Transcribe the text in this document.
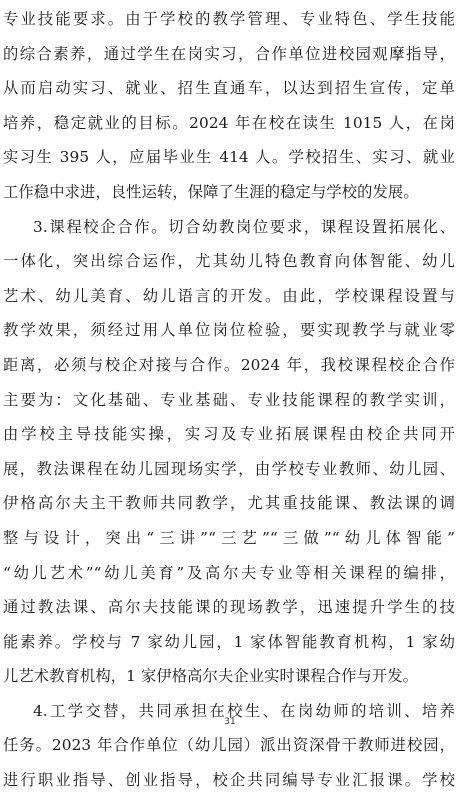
专业技能要求。由于学校的教学管理、专业特色、学生技能
的综合素养，通过学生在岗实习，合作单位进校园观摩指导，
从而启动实习、就业、招生直通车，以达到招生宣传，定单
培养，稳定就业的目标。2024 年在校在读生 1015 人，在岗
实习生 395 人，应届毕业生 414 人。学校招生、实习、就业
工作稳中求进，良性运转，保障了生涯的稳定与学校的发展。
3.课程校企合作。切合幼教岗位要求，课程设置拓展化、
一体化，突出综合运作，尤其幼儿特色教育向体智能、幼儿
艺术、幼儿美育、幼儿语言的开发。由此，学校课程设置与
教学效果，须经过用人单位岗位检验，要实现教学与就业零
距离，必须与校企对接与合作。2024 年，我校课程校企合作
主要为：文化基础、专业基础、专业技能课程的教学实训，
由学校主导技能实操，实习及专业拓展课程由校企共同开
展，教法课程在幼儿园现场实学，由学校专业教师、幼儿园、
伊格高尔夫主干教师共同教学，尤其重技能课、教法课的调
整与设计，突出“三讲”“三艺”“三做”“幼儿体智能”
“幼儿艺术”“幼儿美育”及高尔夫专业等相关课程的编排，
通过教法课、高尔夫技能课的现场教学，迅速提升学生的技
能素养。学校与 7 家幼儿园，1 家体智能教育机构，1 家幼
儿艺术教育机构，1 家伊格高尔夫企业实时课程合作与开发。
4.工学交替，共同承担在校生、在岗幼师的培训、培养
任务。2023 年合作单位（幼儿园）派出资深骨干教师进校园，
进行职业指导、创业指导，校企共同编导专业汇报课。学校
31
